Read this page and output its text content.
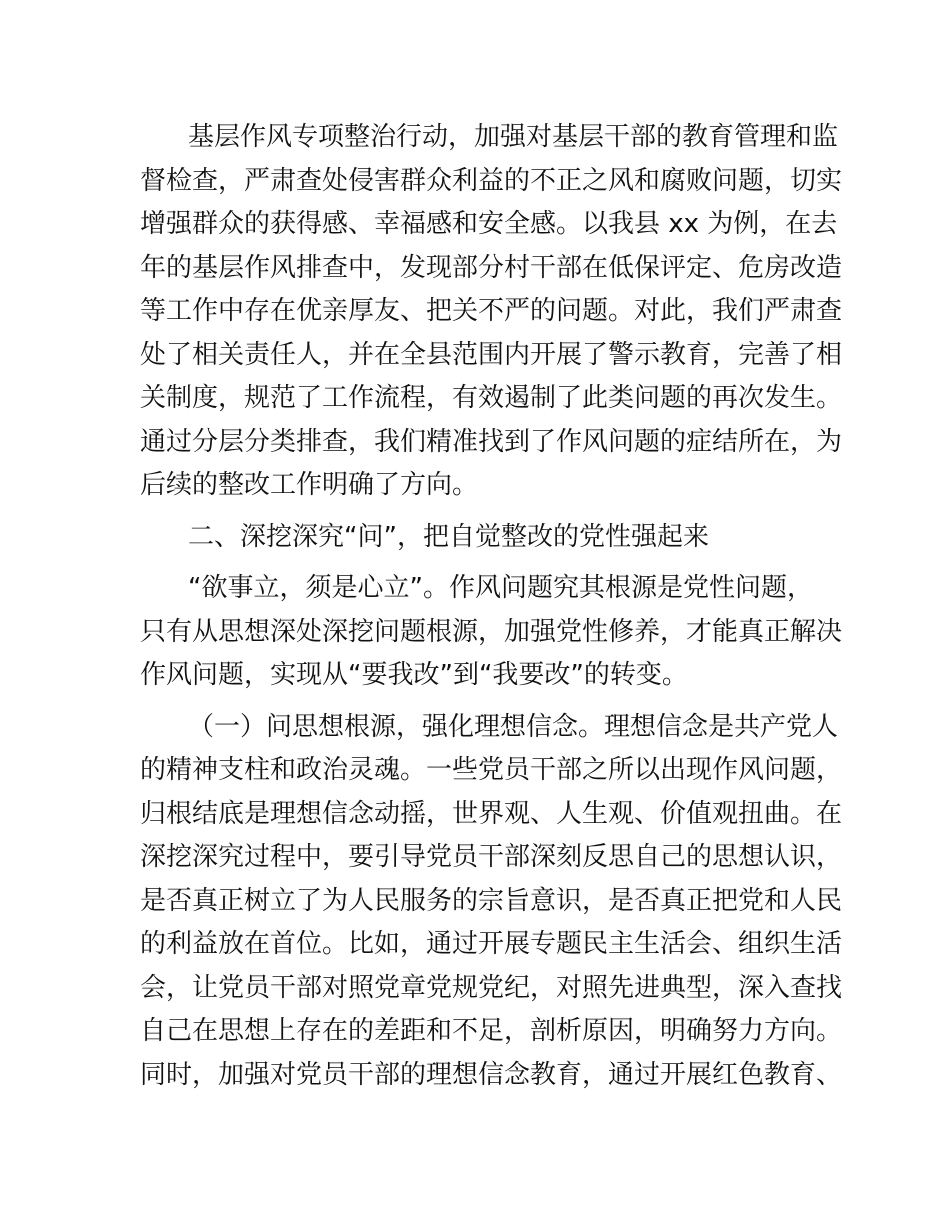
基层作风专项整治行动，加强对基层干部的教育管理和监
督检查，严肃查处侵害群众利益的不正之风和腐败问题，切实
增强群众的获得感、幸福感和安全感。以我县 xx 为例，在去
年的基层作风排查中，发现部分村干部在低保评定、危房改造
等工作中存在优亲厚友、把关不严的问题。对此，我们严肃查
处了相关责任人，并在全县范围内开展了警示教育，完善了相
关制度，规范了工作流程，有效遏制了此类问题的再次发生。
通过分层分类排查，我们精准找到了作风问题的症结所在，为
后续的整改工作明确了方向。
二、深挖深究“问”，把自觉整改的党性强起来
“欲事立，须是心立”。作风问题究其根源是党性问题，
只有从思想深处深挖问题根源，加强党性修养，才能真正解决
作风问题，实现从“要我改”到“我要改”的转变。
（一）问思想根源，强化理想信念。理想信念是共产党人
的精神支柱和政治灵魂。一些党员干部之所以出现作风问题，
归根结底是理想信念动摇，世界观、人生观、价值观扭曲。在
深挖深究过程中，要引导党员干部深刻反思自己的思想认识，
是否真正树立了为人民服务的宗旨意识，是否真正把党和人民
的利益放在首位。比如，通过开展专题民主生活会、组织生活
会，让党员干部对照党章党规党纪，对照先进典型，深入查找
自己在思想上存在的差距和不足，剖析原因，明确努力方向。
同时，加强对党员干部的理想信念教育，通过开展红色教育、
